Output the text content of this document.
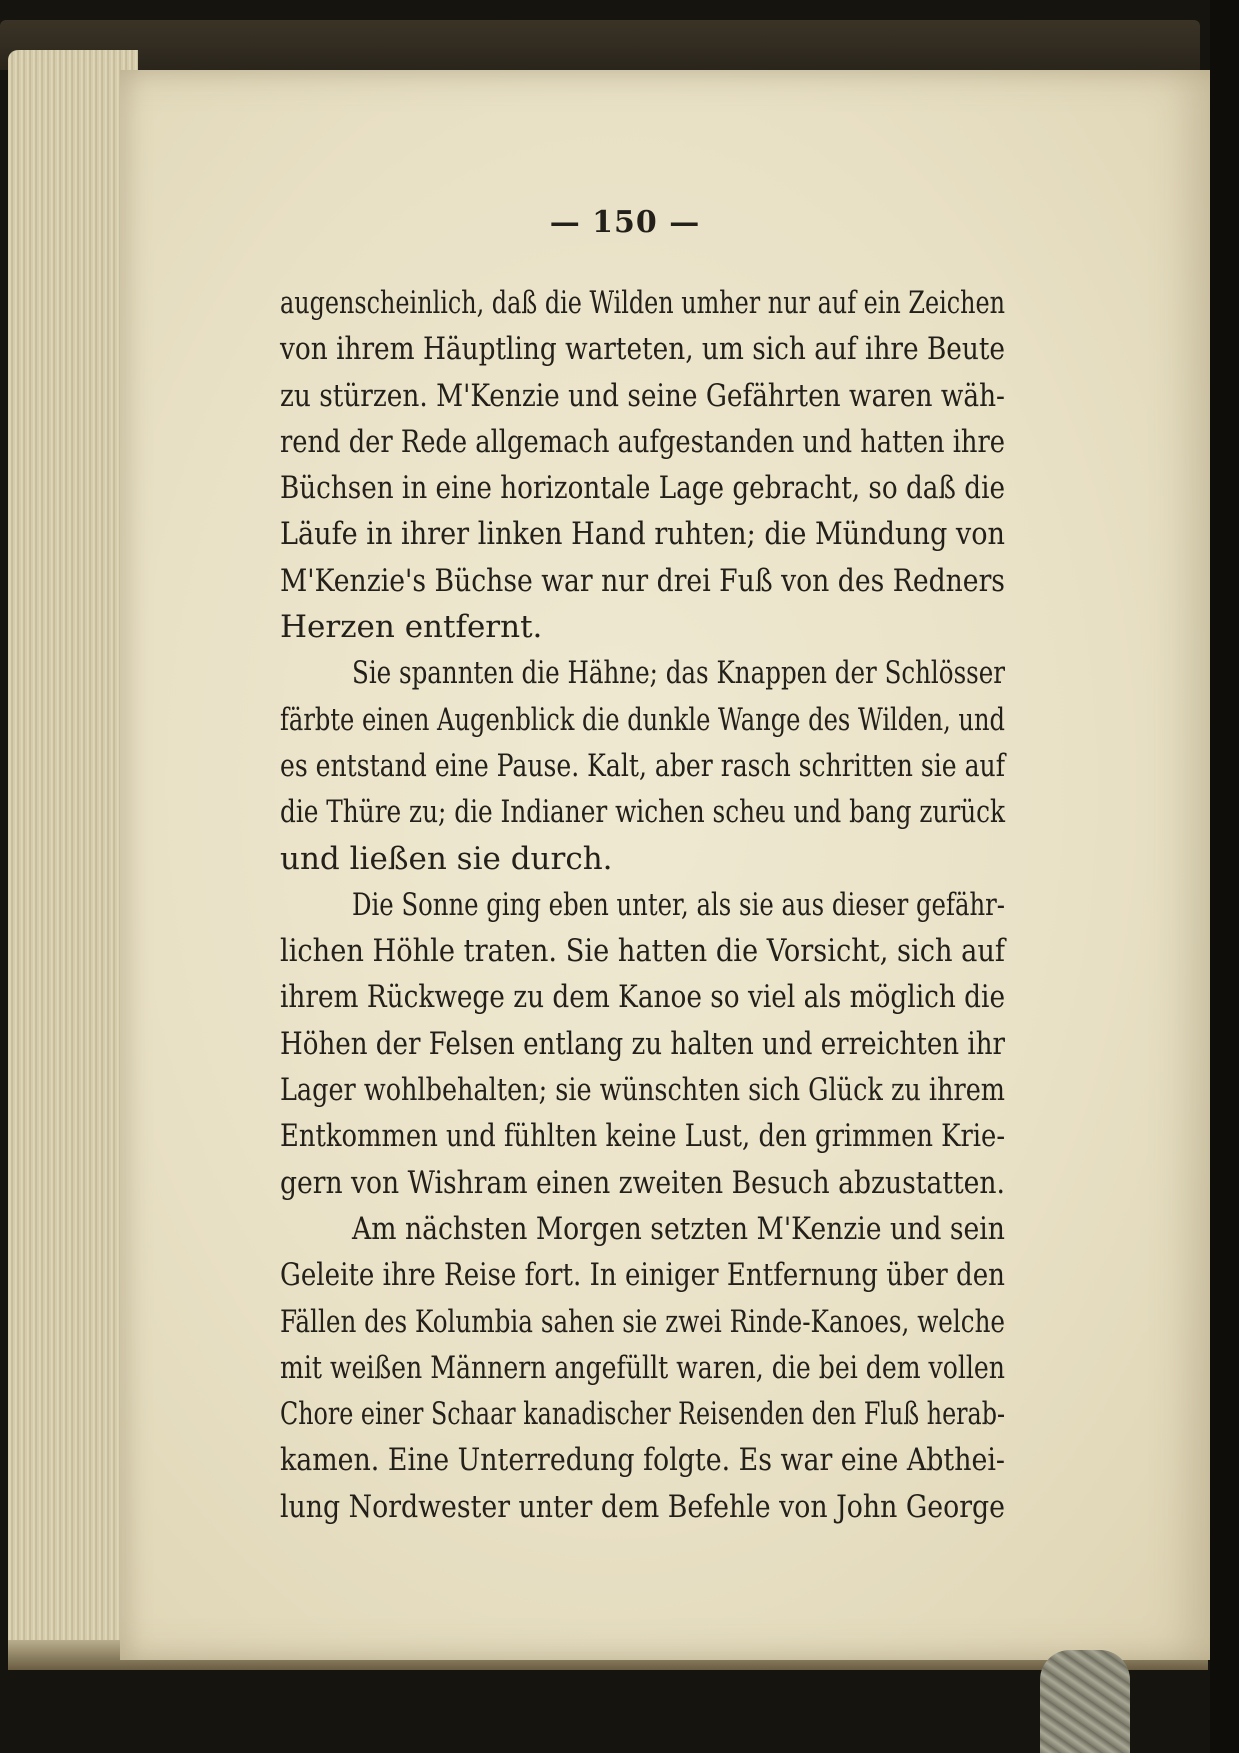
— 150 —
augenscheinlich, daß die Wilden umher nur auf ein Zeichen
von ihrem Häuptling warteten, um sich auf ihre Beute
zu stürzen. M'Kenzie und seine Gefährten waren wäh-
rend der Rede allgemach aufgestanden und hatten ihre
Büchsen in eine horizontale Lage gebracht, so daß die
Läufe in ihrer linken Hand ruhten; die Mündung von
M'Kenzie's Büchse war nur drei Fuß von des Redners
Herzen entfernt.
Sie spannten die Hähne; das Knappen der Schlösser
färbte einen Augenblick die dunkle Wange des Wilden, und
es entstand eine Pause. Kalt, aber rasch schritten sie auf
die Thüre zu; die Indianer wichen scheu und bang zurück
und ließen sie durch.
Die Sonne ging eben unter, als sie aus dieser gefähr-
lichen Höhle traten. Sie hatten die Vorsicht, sich auf
ihrem Rückwege zu dem Kanoe so viel als möglich die
Höhen der Felsen entlang zu halten und erreichten ihr
Lager wohlbehalten; sie wünschten sich Glück zu ihrem
Entkommen und fühlten keine Lust, den grimmen Krie-
gern von Wishram einen zweiten Besuch abzustatten.
Am nächsten Morgen setzten M'Kenzie und sein
Geleite ihre Reise fort. In einiger Entfernung über den
Fällen des Kolumbia sahen sie zwei Rinde-Kanoes, welche
mit weißen Männern angefüllt waren, die bei dem vollen
Chore einer Schaar kanadischer Reisenden den Fluß herab-
kamen. Eine Unterredung folgte. Es war eine Abthei-
lung Nordwester unter dem Befehle von John George
